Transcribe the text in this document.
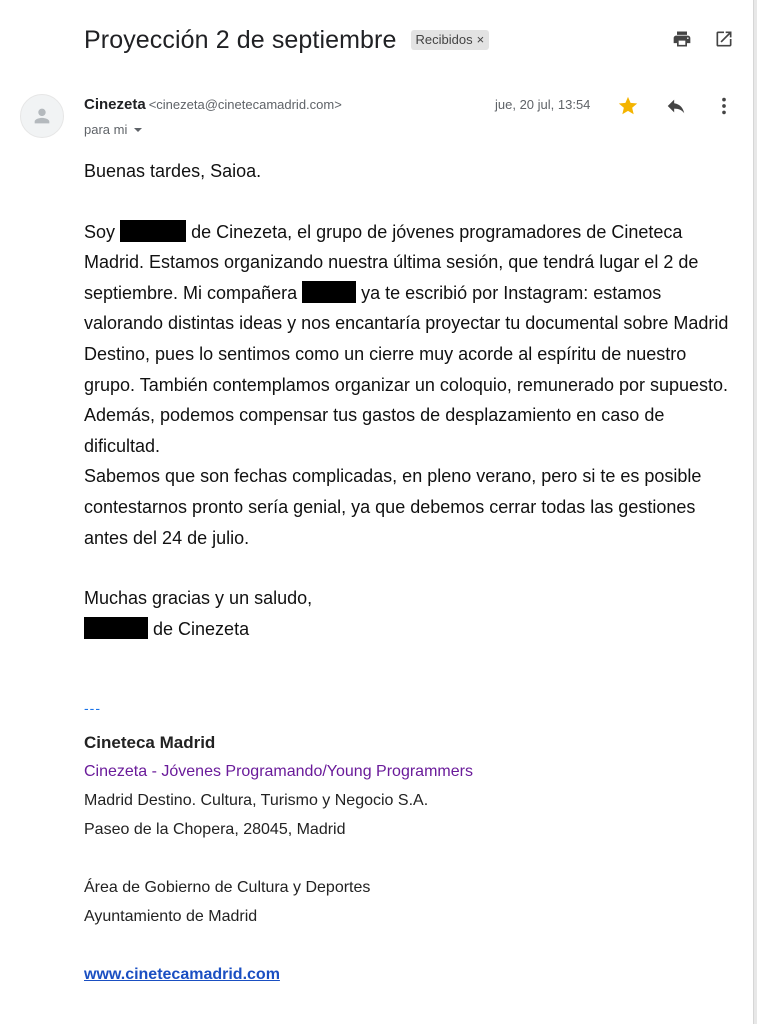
Proyección 2 de septiembre Recibidos ×
Cinezeta <cinezeta@cinetecamadrid.com>
para mi
jue, 20 jul, 13:54

Buenas tardes, Saioa.

Soy	de Cinezeta, el grupo de jóvenes programadores de Cineteca Madrid. Estamos organizando nuestra última sesión, que tendrá lugar el 2 de septiembre. Mi compañera	ya te escribió por Instagram: estamos valorando distintas ideas y nos encantaría proyectar tu documental sobre Madrid Destino, pues lo sentimos como un cierre muy acorde al espíritu de nuestro grupo. También contemplamos organizar un coloquio, remunerado por supuesto. Además, podemos compensar tus gastos de desplazamiento en caso de dificultad.

Sabemos que son fechas complicadas, en pleno verano, pero si te es posible contestarnos pronto sería genial, ya que debemos cerrar todas las gestiones antes del 24 de julio.

Muchas gracias y un saludo,

de Cinezeta

---
Cineteca Madrid
Cinezeta - Jóvenes Programando/Young Programmers
Madrid Destino. Cultura, Turismo y Negocio S.A.
Paseo de la Chopera, 28045, Madrid
Área de Gobierno de Cultura y Deportes
Ayuntamiento de Madrid
www.cinetecamadrid.com
